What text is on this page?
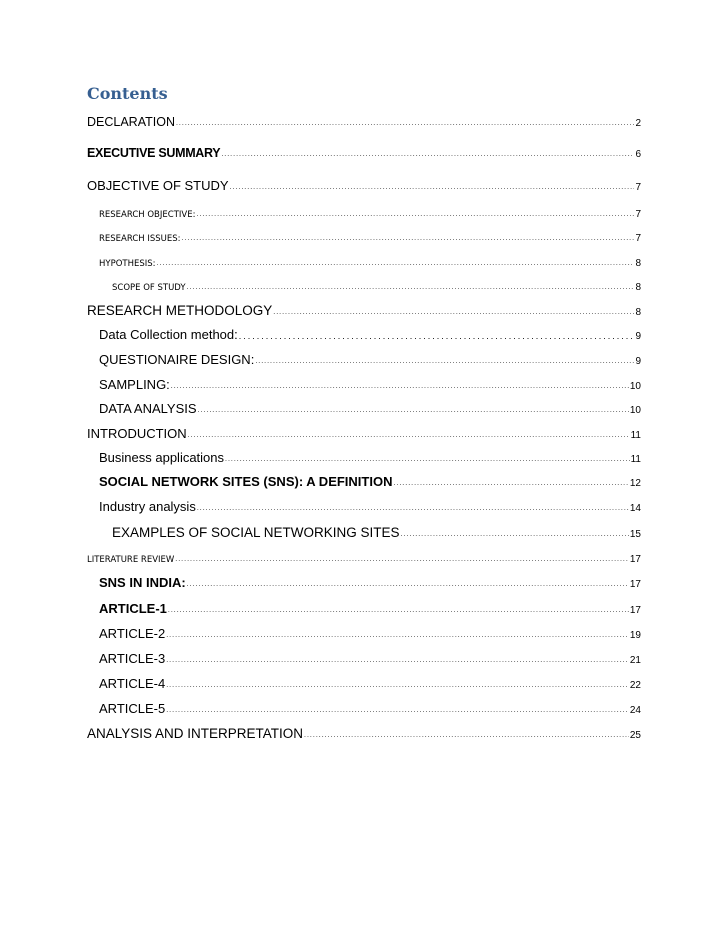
Contents
DECLARATION .....	2
EXECUTIVE SUMMARY .....	6
OBJECTIVE OF STUDY .....	7
RESEARCH OBJECTIVE: .....	7
RESEARCH ISSUES: .....	7
HYPOTHESIS: .....	8
SCOPE OF STUDY .....	8
RESEARCH METHODOLOGY .....	8
Data Collection method: .....	9
QUESTIONAIRE DESIGN: .....	9
SAMPLING: .....	10
DATA ANALYSIS .....	10
INTRODUCTION .....	11
Business applications .....	11
SOCIAL NETWORK SITES (SNS): A DEFINITION .....	12
Industry analysis .....	14
EXAMPLES OF SOCIAL NETWORKING SITES .....	15
LITERATURE REVIEW .....	17
SNS IN INDIA: .....	17
ARTICLE-1 .....	17
ARTICLE-2 .....	19
ARTICLE-3 .....	21
ARTICLE-4 .....	22
ARTICLE-5 .....	24
ANALYSIS AND INTERPRETATION .....	25
